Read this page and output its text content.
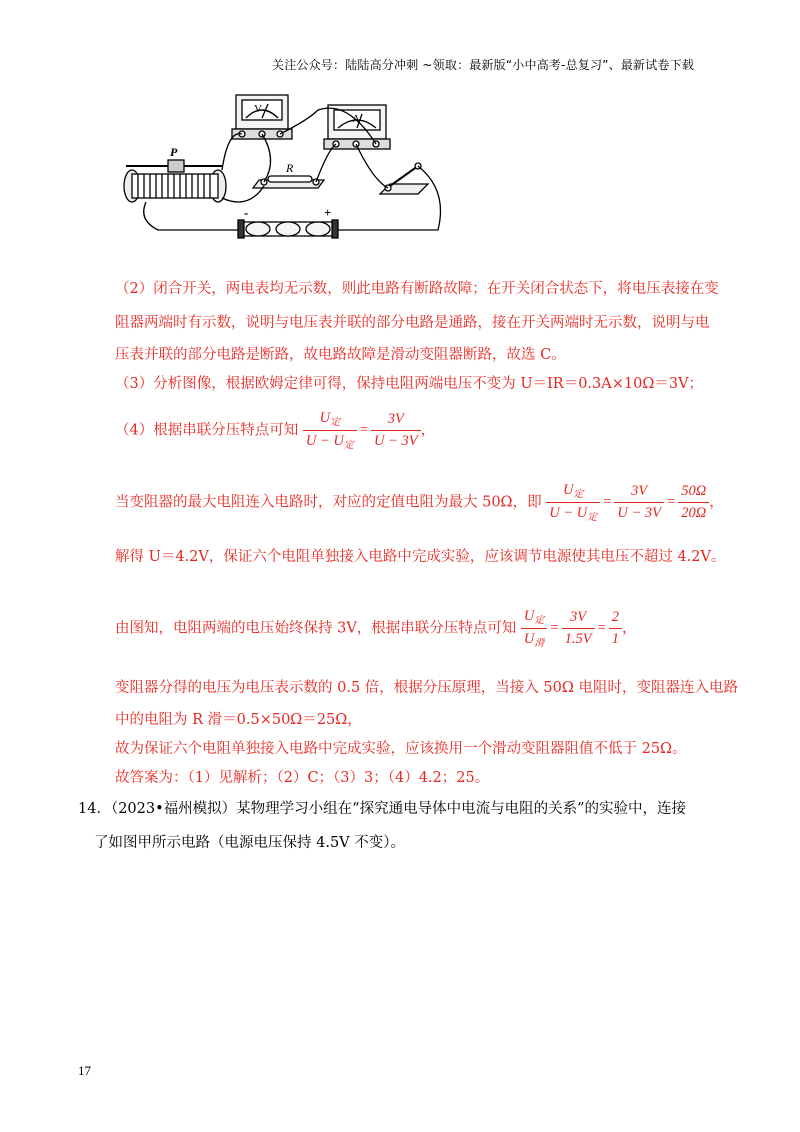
关注公众号：陆陆高分冲刺 ~领取：最新版“小中高考-总复习”、最新试卷下载
V
A
P
R
-	+
（2）闭合开关，两电表均无示数，则此电路有断路故障；在开关闭合状态下，将电压表接在变
阻器两端时有示数，说明与电压表并联的部分电路是通路，接在开关两端时无示数，说明与电
压表并联的部分电路是断路，故电路故障是滑动变阻器断路，故选 C。
（3）分析图像，根据欧姆定律可得，保持电阻两端电压不变为 U＝IR＝0.3A×10Ω＝3V；
（4）根据串联分压特点可知 $\frac{U_定}{U - U_定} = \frac{3V}{U - 3V}$ ，
当变阻器的最大电阻连入电路时，对应的定值电阻为最大 50Ω，即 $\frac{U_定}{U - U_定} = \frac{3V}{U - 3V} = \frac{50\Omega}{20\Omega}$ ，
解得 U＝4.2V，保证六个电阻单独接入电路中完成实验，应该调节电源使其电压不超过 4.2V。
由图知，电阻两端的电压始终保持 3V，根据串联分压特点可知 $\frac{U_定}{U_滑} = \frac{3V}{1.5V} = \frac{2}{1}$ ，
变阻器分得的电压为电压表示数的 0.5 倍，根据分压原理，当接入 50Ω 电阻时，变阻器连入电路
中的电阻为 R 滑＝0.5×50Ω＝25Ω，
故为保证六个电阻单独接入电路中完成实验，应该换用一个滑动变阻器阻值不低于 25Ω。
故答案为：（1）见解析；（2）C；（3）3；（4）4.2；25。
14．（2023•福州模拟）某物理学习小组在“探究通电导体中电流与电阻的关系”的实验中，连接
了如图甲所示电路（电源电压保持 4.5V 不变）。
17
